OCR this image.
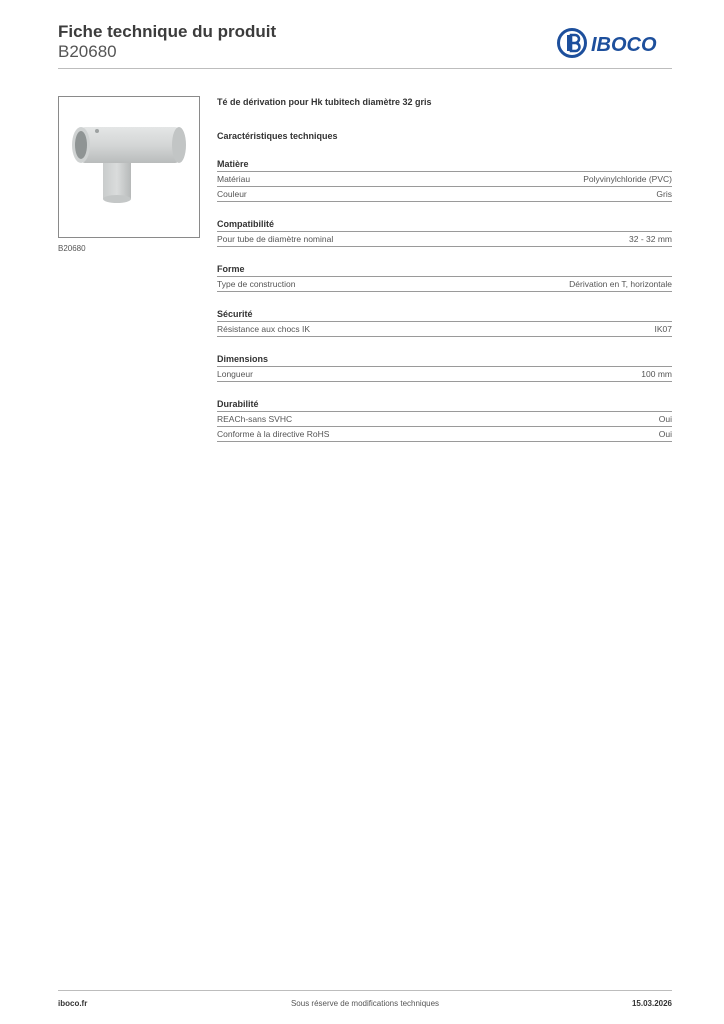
Fiche technique du produit
B20680	IBOCO
B20680
Té de dérivation pour Hk tubitech diamètre 32 gris
Caractéristiques techniques
Matière
Matériau	Polyvinylchloride (PVC)
Couleur	Gris
Compatibilité
Pour tube de diamètre nominal	32 - 32 mm
Forme
Type de construction	Dérivation en T, horizontale
Sécurité
Résistance aux chocs IK	IK07
Dimensions
Longueur	100 mm
Durabilité
REACh-sans SVHC	Oui
Conforme à la directive RoHS	Oui
iboco.fr	Sous réserve de modifications techniques	15.03.2026
